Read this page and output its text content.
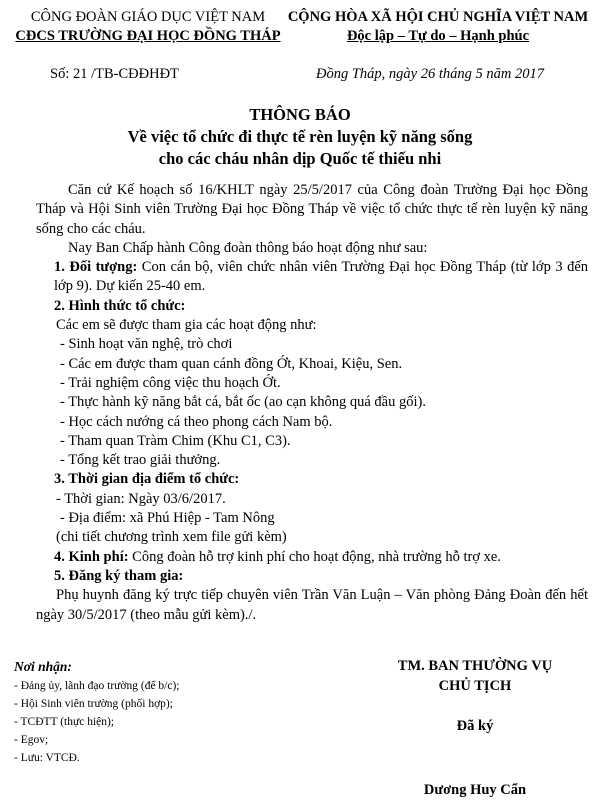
CÔNG ĐOÀN GIÁO DỤC VIỆT NAM
CĐCS TRƯỜNG ĐẠI HỌC ĐỒNG THÁP
CỘNG HÒA XÃ HỘI CHỦ NGHĨA VIỆT NAM
Độc lập – Tự do – Hạnh phúc
Số: 21 /TB-CĐĐHĐT	Đồng Tháp, ngày 26 tháng 5 năm 2017
THÔNG BÁO
Về việc tổ chức đi thực tế rèn luyện kỹ năng sống
cho các cháu nhân dịp Quốc tế thiếu nhi

Căn cứ Kế hoạch số 16/KHLT ngày 25/5/2017 của Công đoàn Trường Đại học Đồng Tháp và Hội Sinh viên Trường Đại học Đồng Tháp về việc tổ chức thực tế rèn luyện kỹ năng sống cho các cháu.

Nay Ban Chấp hành Công đoàn thông báo hoạt động như sau:

1. Đối tượng: Con cán bộ, viên chức nhân viên Trường Đại học Đồng Tháp (từ lớp 3 đến lớp 9). Dự kiến 25-40 em.

2. Hình thức tổ chức:

Các em sẽ được tham gia các hoạt động như:

- Sinh hoạt văn nghệ, trò chơi

- Các em được tham quan cánh đồng Ớt, Khoai, Kiệu, Sen.

- Trải nghiệm công việc thu hoạch Ớt.

- Thực hành kỹ năng bắt cá, bắt ốc (ao cạn không quá đầu gối).

- Học cách nướng cá theo phong cách Nam bộ.

- Tham quan Tràm Chim (Khu C1, C3).

- Tổng kết trao giải thưởng.

3. Thời gian địa điểm tổ chức:

- Thời gian: Ngày 03/6/2017.

- Địa điểm: xã Phú Hiệp - Tam Nông

(chi tiết chương trình xem file gửi kèm)

4. Kinh phí: Công đoàn hỗ trợ kinh phí cho hoạt động, nhà trường hỗ trợ xe.

5. Đăng ký tham gia:

Phụ huynh đăng ký trực tiếp chuyên viên Trần Văn Luận – Văn phòng Đảng Đoàn đến hết ngày 30/5/2017 (theo mẫu gửi kèm)./.

Nơi nhận:
- Đảng ủy, lãnh đạo trường (để b/c);
- Hội Sinh viên trường (phối hợp);
- TCĐTT (thực hiện);
- Egov;
- Lưu: VTCĐ.
TM. BAN THƯỜNG VỤ
CHỦ TỊCH
Đã ký
Dương Huy Cẩn
